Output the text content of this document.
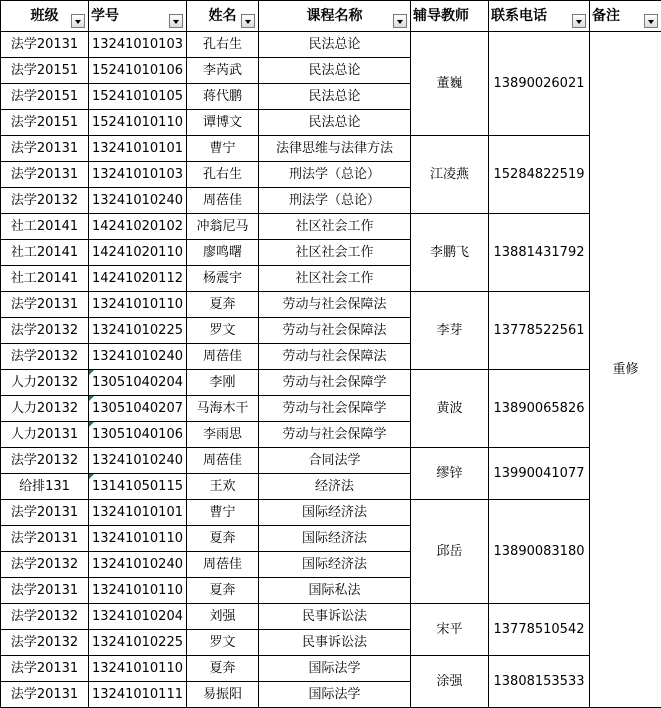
班级	学号	姓名	课程名称	辅导教师	联系电话	备注

法学20131	13241010103	孔右生	民法总论	董巍	13890026021	重修
法学20151	15241010106	李芮武	民法总论			
法学20151	15241010105	蒋代鹏	民法总论			
法学20151	15241010110	谭博文	民法总论			
法学20131	13241010101	曹宁	法律思维与法律方法	江凌燕	15284822519	
法学20131	13241010103	孔右生	刑法学（总论）			
法学20132	13241010240	周蓓佳	刑法学（总论）			
社工20141	14241020102	冲翁尼马	社区社会工作	李鹏飞	13881431792	
社工20141	14241020110	廖鸣曙	社区社会工作			
社工20141	14241020112	杨震宇	社区社会工作			
法学20131	13241010110	夏奔	劳动与社会保障法	李芽	13778522561	
法学20132	13241010225	罗文	劳动与社会保障法			
法学20132	13241010240	周蓓佳	劳动与社会保障法			
人力20132	13051040204	李刚	劳动与社会保障学	黄波	13890065826	
人力20132	13051040207	马海木干	劳动与社会保障学			
人力20131	13051040106	李雨思	劳动与社会保障学			
法学20132	13241010240	周蓓佳	合同法学	缪锌	13990041077	
给排131	13141050115	王欢	经济法			
法学20131	13241010101	曹宁	国际经济法	邱岳	13890083180	
法学20131	13241010110	夏奔	国际经济法			
法学20132	13241010240	周蓓佳	国际经济法			
法学20131	13241010110	夏奔	国际私法			
法学20132	13241010204	刘强	民事诉讼法	宋平	13778510542	
法学20132	13241010225	罗文	民事诉讼法			
法学20131	13241010110	夏奔	国际法学	涂强	13808153533	
法学20131	13241010111	易振阳	国际法学			
